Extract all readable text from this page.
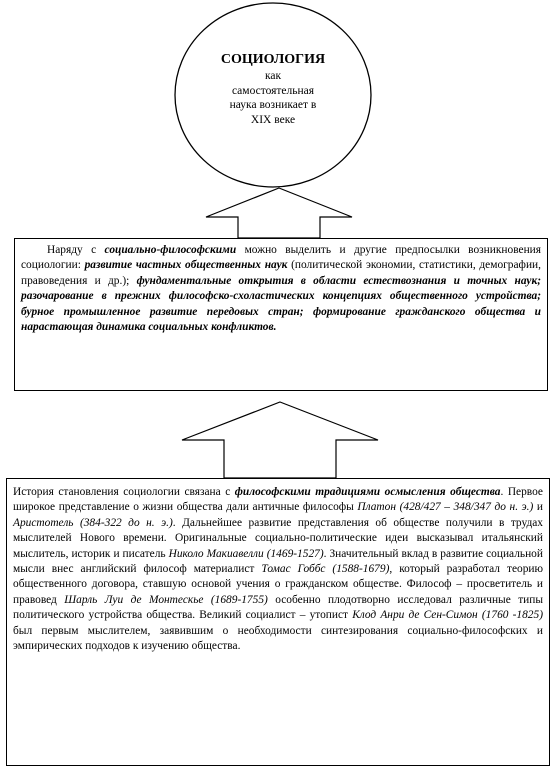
СОЦИОЛОГИЯ
как
самостоятельная
наука возникает в
XIX веке

Наряду с социально-философскими можно выделить и другие предпосылки возникновения социологии: развитие частных общественных наук (политической экономии, статистики, демографии, правоведения и др.); фундаментальные открытия в области естествознания и точных наук; разочарование в прежних философско-схоластических концепциях общественного устройства; бурное промышленное развитие передовых стран; формирование гражданского общества и нарастающая динамика социальных конфликтов.

История становления социологии связана с философскими традициями осмысления общества. Первое широкое представление о жизни общества дали античные философы Платон (428/427 – 348/347 до н. э.) и Аристотель (384-322 до н. э.). Дальнейшее развитие представления об обществе получили в трудах мыслителей Нового времени. Оригинальные социально-политические идеи высказывал итальянский мыслитель, историк и писатель Николо Макиавелли (1469-1527). Значительный вклад в развитие социальной мысли внес английский философ материалист Томас Гоббс (1588-1679), который разработал теорию общественного договора, ставшую основой учения о гражданском обществе. Философ – просветитель и правовед Шарль Луи де Монтескье (1689-1755) особенно плодотворно исследовал различные типы политического устройства общества. Великий социалист – утопист Клод Анри де Сен-Симон (1760 -1825) был первым мыслителем, заявившим о необходимости синтезирования социально-философских и эмпирических подходов к изучению общества.
